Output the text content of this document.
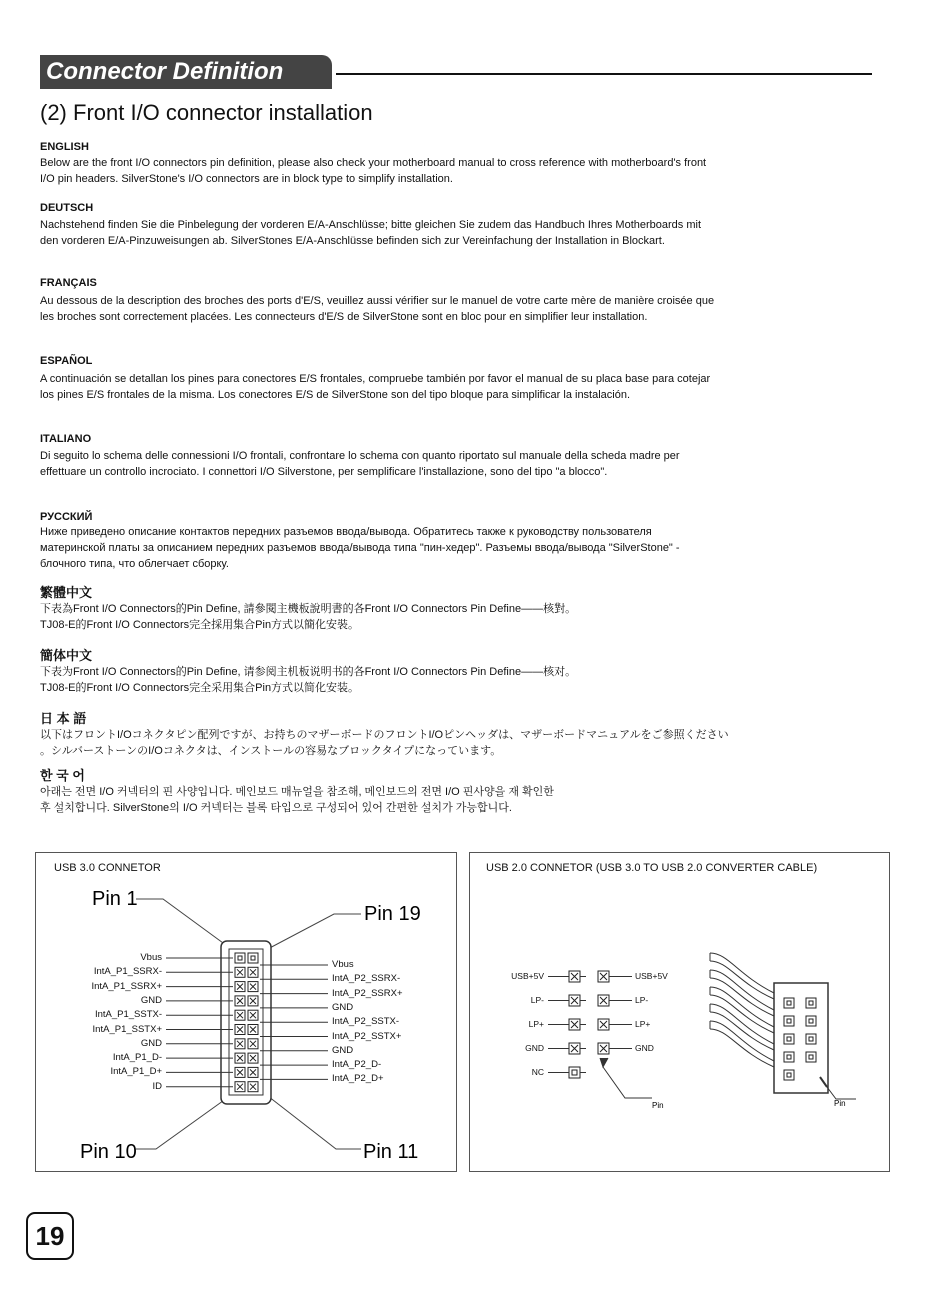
Connector Definition
(2) Front I/O connector installation
ENGLISH
Below are the front I/O connectors pin definition, please also check your motherboard manual to cross reference with motherboard's front
I/O pin headers. SilverStone's I/O connectors are in block type to simplify installation.
DEUTSCH
Nachstehend finden Sie die Pinbelegung der vorderen E/A-Anschlüsse; bitte gleichen Sie zudem das Handbuch Ihres Motherboards mit
den vorderen E/A-Pinzuweisungen ab. SilverStones E/A-Anschlüsse befinden sich zur Vereinfachung der Installation in Blockart.
FRANÇAIS
Au dessous de la description des broches des ports d'E/S, veuillez aussi vérifier sur le manuel de votre carte mère de manière croisée que
les broches sont correctement placées. Les connecteurs d'E/S de SilverStone sont en bloc pour en simplifier leur installation.
ESPAÑOL
A continuación se detallan los pines para conectores E/S frontales, compruebe también por favor el manual de su placa base para cotejar
los pines E/S frontales de la misma. Los conectores E/S de SilverStone son del tipo bloque para simplificar la instalación.
ITALIANO
Di seguito lo schema delle connessioni I/O frontali, confrontare lo schema con quanto riportato sul manuale della scheda madre per
effettuare un controllo incrociato. I connettori I/O Silverstone, per semplificare l'installazione, sono del tipo "a blocco".
РУССКИЙ
Ниже приведено описание контактов передних разъемов ввода/вывода. Обратитесь также к руководству пользователя
материнской платы за описанием передних разъемов ввода/вывода типа "пин-хедер". Разъемы ввода/вывода "SilverStone" -
блочного типа, что облегчает сборку.
繁體中文
下表為Front I/O Connectors的Pin Define, 請參閱主機板說明書的各Front I/O Connectors Pin Define——核對。
TJ08-E的Front I/O Connectors完全採用集合Pin方式以簡化安裝。
簡体中文
下表为Front I/O Connectors的Pin Define, 请参阅主机板说明书的各Front I/O Connectors Pin Define——核对。
TJ08-E的Front I/O Connectors完全采用集合Pin方式以简化安装。
日 本 語
以下はフロントI/Oコネクタピン配列ですが、お持ちのマザーボードのフロントI/Oピンヘッダは、マザーボードマニュアルをご参照ください
。シルバーストーンのI/Oコネクタは、インストールの容易なブロックタイプになっています。
한 국 어
아래는 전면 I/O 커넥터의 핀 사양입니다. 메인보드 매뉴얼을 참조해, 메인보드의 전면 I/O 핀사양을 재 확인한
후 설치합니다. SilverStone의 I/O 커넥터는 블록 타입으로 구성되어 있어 간편한 설치가 가능합니다.
USB 3.0 CONNETOR
Pin 1
Pin 19
Pin 10	Pin 11
Vbus
IntA_P1_SSRX-
IntA_P1_SSRX+
GND
IntA_P1_SSTX-
IntA_P1_SSTX+
GND
IntA_P1_D-
IntA_P1_D+
ID
Vbus
IntA_P2_SSRX-
IntA_P2_SSRX+
GND
IntA_P2_SSTX-
IntA_P2_SSTX+
GND
IntA_P2_D-
IntA_P2_D+
USB 2.0 CONNETOR (USB 3.0 TO USB 2.0 CONVERTER CABLE)
Pin	Pin
USB+5V
LP-
LP+
GND
NC
USB+5V
LP-
LP+
GND
19
